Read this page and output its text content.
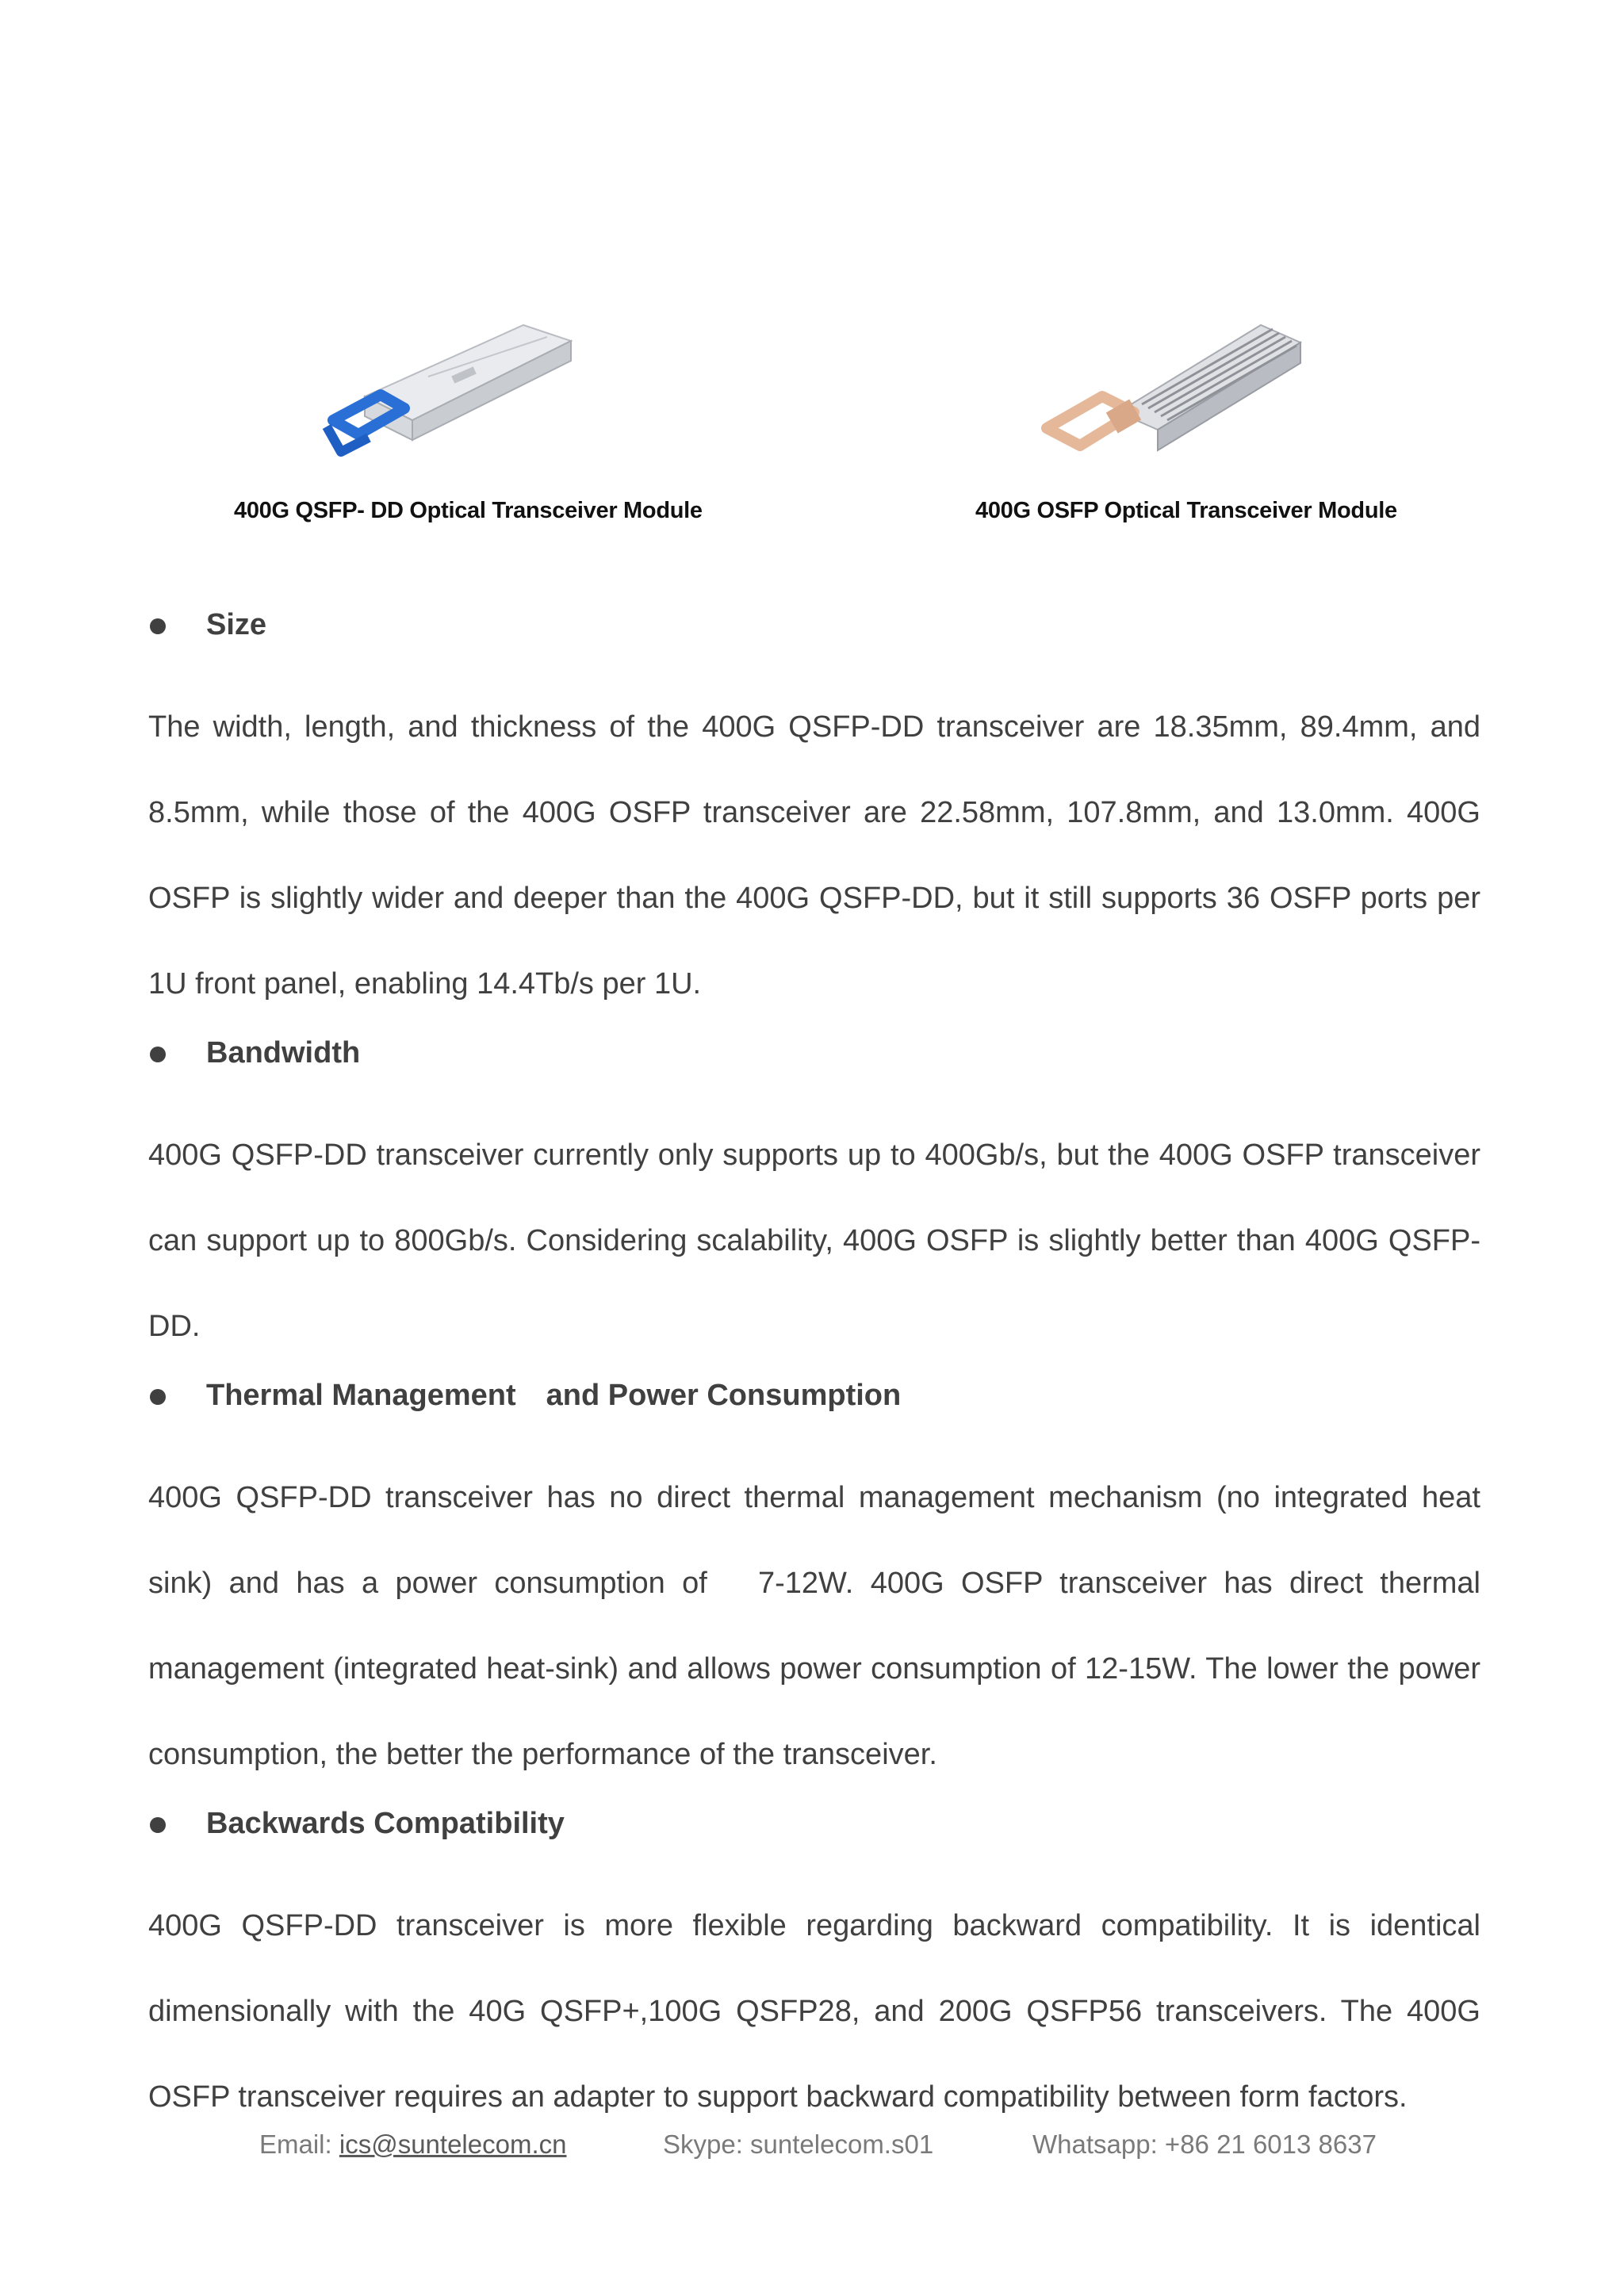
400G QSFP- DD Optical Transceiver Module	400G OSFP Optical Transceiver Module
Size

The width, length, and thickness of the 400G QSFP-DD transceiver are 18.35mm, 89.4mm, and 8.5mm, while those of the 400G OSFP transceiver are 22.58mm, 107.8mm, and 13.0mm. 400G OSFP is slightly wider and deeper than the 400G QSFP-DD, but it still supports 36 OSFP ports per 1U front panel, enabling 14.4Tb/s per 1U.

Bandwidth

400G QSFP-DD transceiver currently only supports up to 400Gb/s, but the 400G OSFP transceiver can support up to 800Gb/s. Considering scalability, 400G OSFP is slightly better than 400G QSFP-DD.

Thermal Management　and Power Consumption

400G QSFP-DD transceiver has no direct thermal management mechanism (no integrated heat sink) and has a power consumption of   7-12W. 400G OSFP transceiver has direct thermal management (integrated heat-sink) and allows power consumption of 12-15W. The lower the power consumption, the better the performance of the transceiver.

Backwards Compatibility

400G QSFP-DD transceiver is more flexible regarding backward compatibility. It is identical dimensionally with the 40G QSFP+,100G QSFP28, and 200G QSFP56 transceivers. The 400G OSFP transceiver requires an adapter to support backward compatibility between form factors.

Email: ics@suntelecom.cn	Skype: suntelecom.s01	Whatsapp: +86 21 6013 8637
